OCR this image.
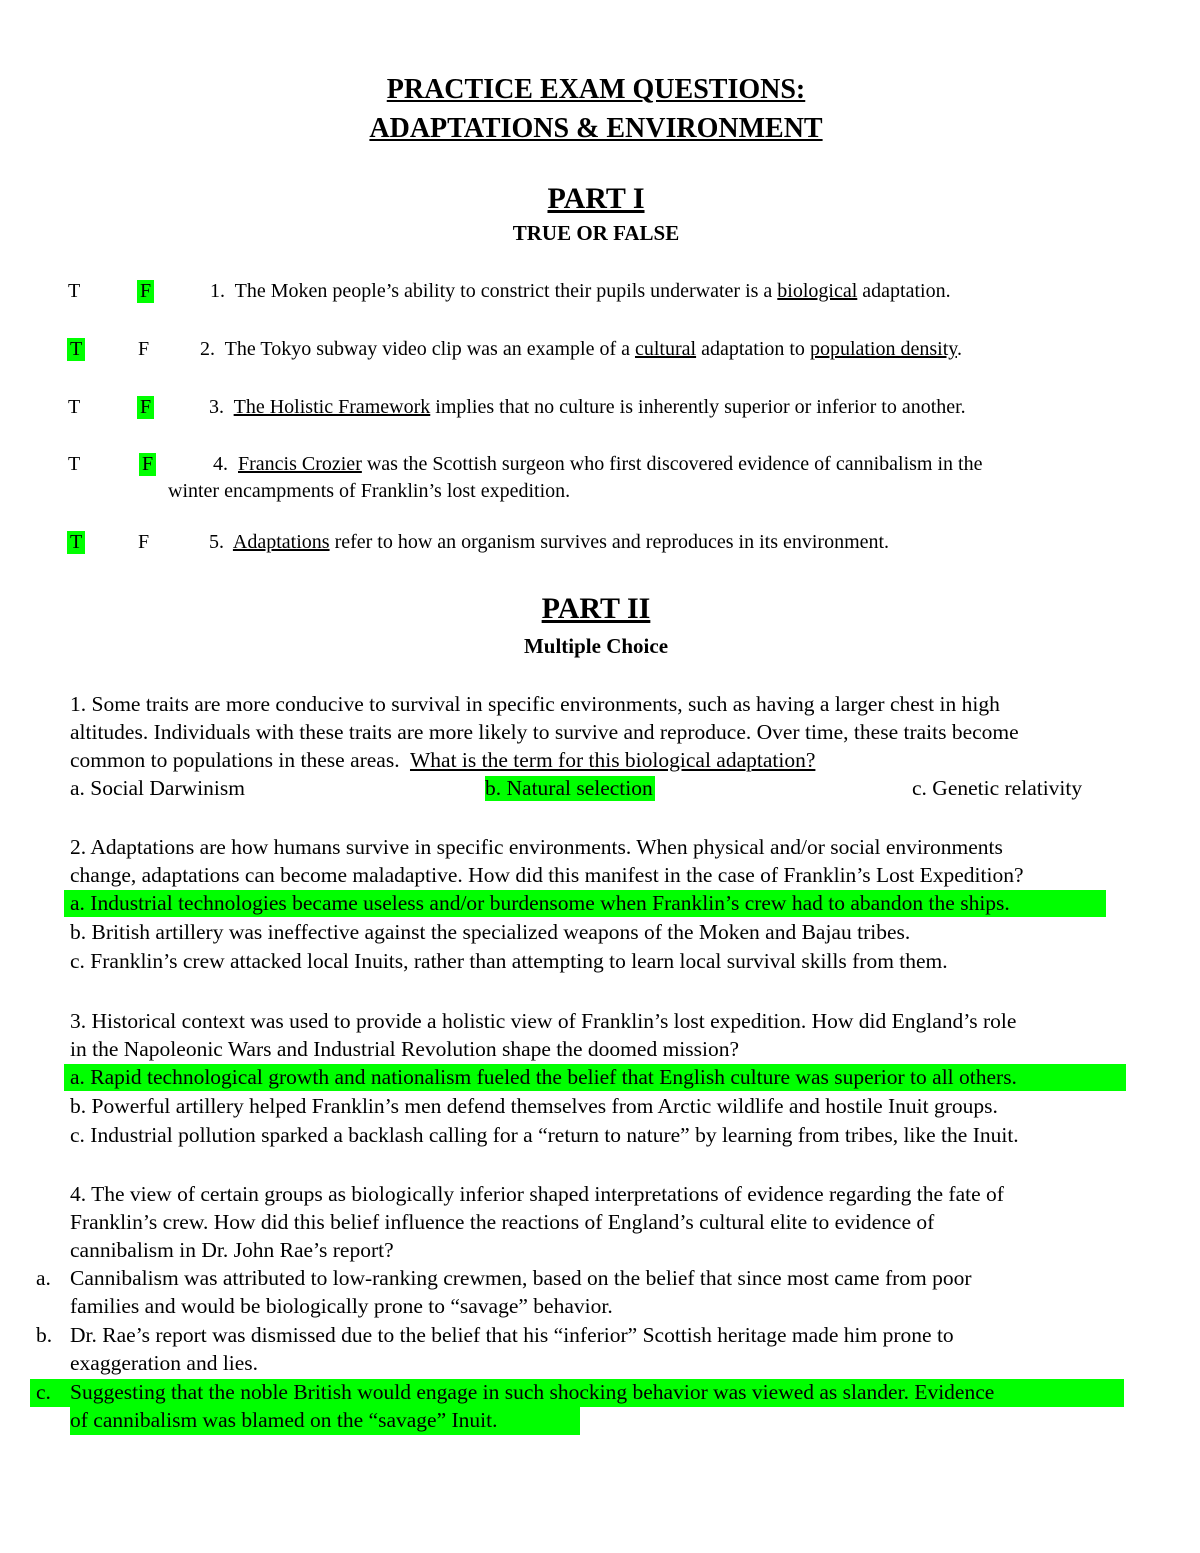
PRACTICE EXAM QUESTIONS:
ADAPTATIONS & ENVIRONMENT
PART I
TRUE OR FALSE
T	F	1. The Moken people’s ability to constrict their pupils underwater is a biological adaptation.
T	F	2. The Tokyo subway video clip was an example of a cultural adaptation to population density.
T	F	3. The Holistic Framework implies that no culture is inherently superior or inferior to another.
T	F	4. Francis Crozier was the Scottish surgeon who first discovered evidence of cannibalism in the
winter encampments of Franklin’s lost expedition.
T	F	5. Adaptations refer to how an organism survives and reproduces in its environment.
PART II
Multiple Choice
1. Some traits are more conducive to survival in specific environments, such as having a larger chest in high
altitudes. Individuals with these traits are more likely to survive and reproduce. Over time, these traits become
common to populations in these areas. What is the term for this biological adaptation?
a. Social Darwinism	b. Natural selection	c. Genetic relativity
2. Adaptations are how humans survive in specific environments. When physical and/or social environments
change, adaptations can become maladaptive. How did this manifest in the case of Franklin’s Lost Expedition?
a. Industrial technologies became useless and/or burdensome when Franklin’s crew had to abandon the ships.
b. British artillery was ineffective against the specialized weapons of the Moken and Bajau tribes.
c. Franklin’s crew attacked local Inuits, rather than attempting to learn local survival skills from them.
3. Historical context was used to provide a holistic view of Franklin’s lost expedition. How did England’s role
in the Napoleonic Wars and Industrial Revolution shape the doomed mission?
a. Rapid technological growth and nationalism fueled the belief that English culture was superior to all others.
b. Powerful artillery helped Franklin’s men defend themselves from Arctic wildlife and hostile Inuit groups.
c. Industrial pollution sparked a backlash calling for a “return to nature” by learning from tribes, like the Inuit.
4. The view of certain groups as biologically inferior shaped interpretations of evidence regarding the fate of
Franklin’s crew. How did this belief influence the reactions of England’s cultural elite to evidence of
cannibalism in Dr. John Rae’s report?
a. Cannibalism was attributed to low-ranking crewmen, based on the belief that since most came from poor
families and would be biologically prone to “savage” behavior.
b. Dr. Rae’s report was dismissed due to the belief that his “inferior” Scottish heritage made him prone to
exaggeration and lies.
c. Suggesting that the noble British would engage in such shocking behavior was viewed as slander. Evidence
of cannibalism was blamed on the “savage” Inuit.
